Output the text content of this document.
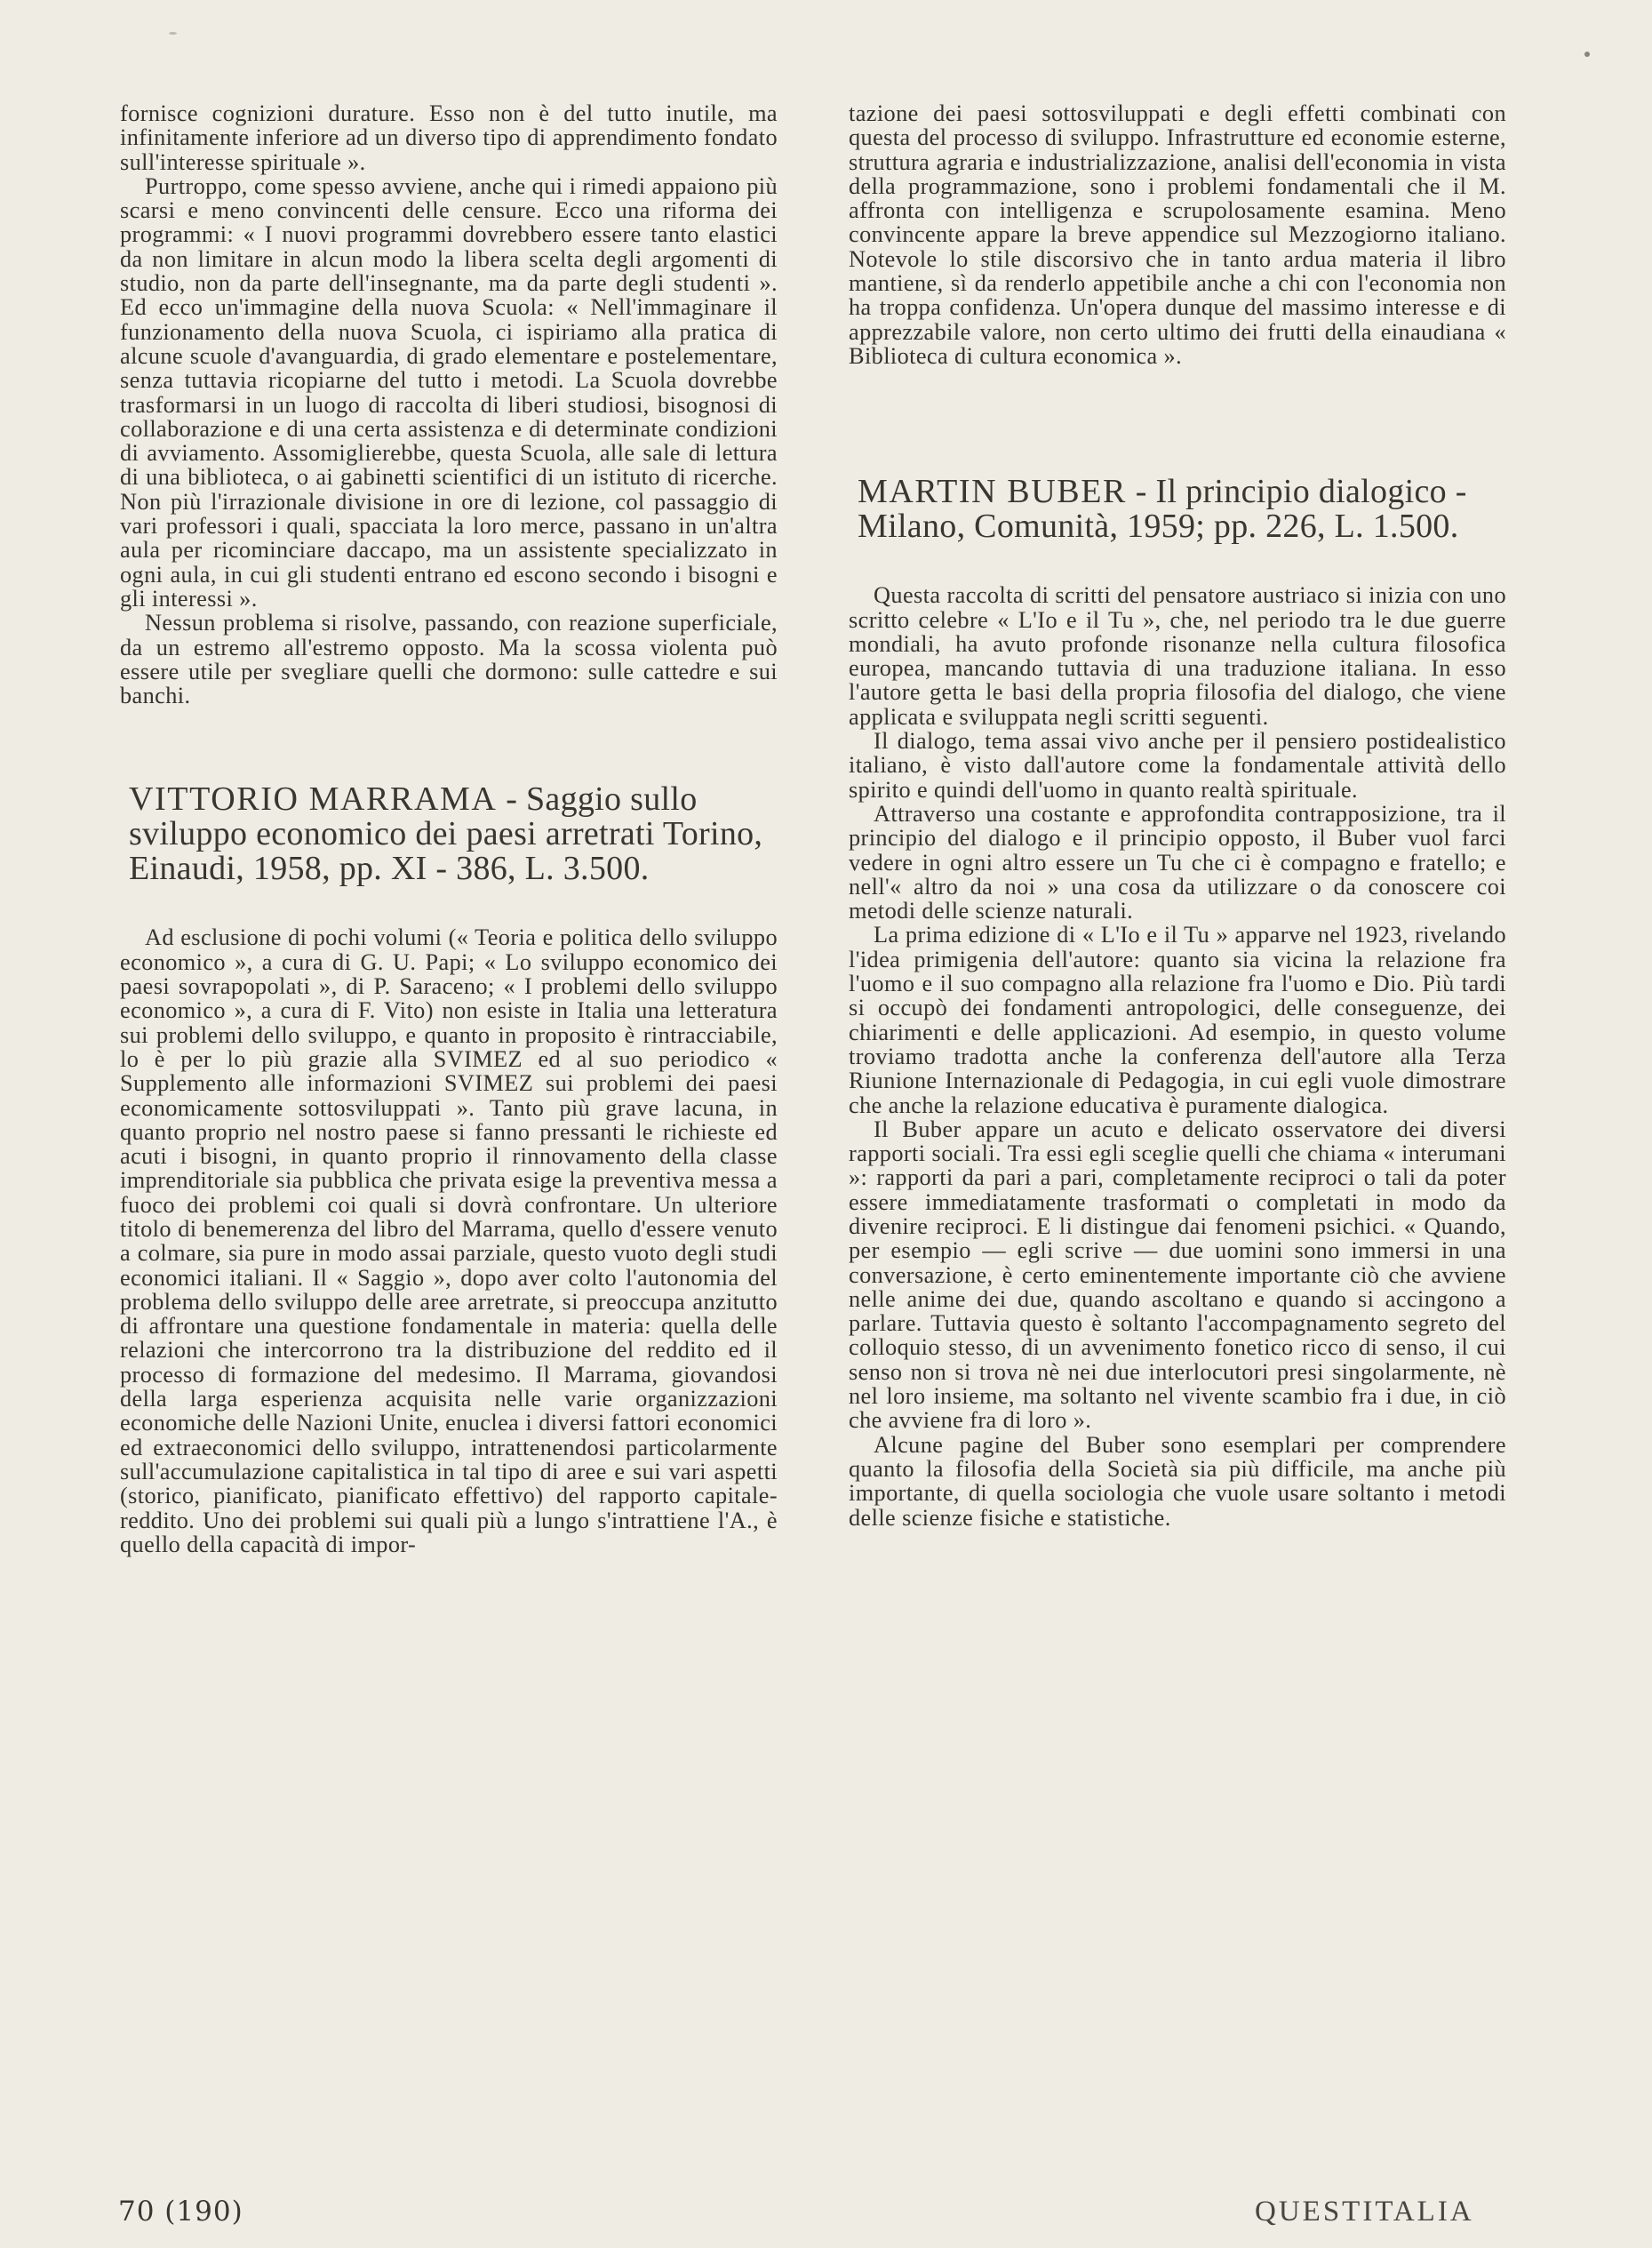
fornisce cognizioni durature. Esso non è del tutto inutile, ma infinitamente inferiore ad un diverso tipo di apprendimento fondato sull'interesse spirituale ».

Purtroppo, come spesso avviene, anche qui i rimedi appaiono più scarsi e meno convincenti delle censure. Ecco una riforma dei programmi: « I nuovi programmi dovrebbero essere tanto elastici da non limitare in alcun modo la libera scelta degli argomenti di studio, non da parte dell'insegnante, ma da parte degli studenti ». Ed ecco un'immagine della nuova Scuola: « Nell'immaginare il funzionamento della nuova Scuola, ci ispiriamo alla pratica di alcune scuole d'avanguardia, di grado elementare e postelementare, senza tuttavia ricopiarne del tutto i metodi. La Scuola dovrebbe trasformarsi in un luogo di raccolta di liberi studiosi, bisognosi di collaborazione e di una certa assistenza e di determinate condizioni di avviamento. Assomiglierebbe, questa Scuola, alle sale di lettura di una biblioteca, o ai gabinetti scientifici di un istituto di ricerche. Non più l'irrazionale divisione in ore di lezione, col passaggio di vari professori i quali, spacciata la loro merce, passano in un'altra aula per ricominciare daccapo, ma un assistente specializzato in ogni aula, in cui gli studenti entrano ed escono secondo i bisogni e gli interessi ».

Nessun problema si risolve, passando, con reazione superficiale, da un estremo all'estremo opposto. Ma la scossa violenta può essere utile per svegliare quelli che dormono: sulle cattedre e sui banchi.

VITTORIO MARRAMA - Saggio sullo sviluppo economico dei paesi arretrati Torino, Einaudi, 1958, pp. XI - 386, L. 3.500.

Ad esclusione di pochi volumi (« Teoria e politica dello sviluppo economico », a cura di G. U. Papi; « Lo sviluppo economico dei paesi sovrapopolati », di P. Saraceno; « I problemi dello sviluppo economico », a cura di F. Vito) non esiste in Italia una letteratura sui problemi dello sviluppo, e quanto in proposito è rintracciabile, lo è per lo più grazie alla SVIMEZ ed al suo periodico « Supplemento alle informazioni SVIMEZ sui problemi dei paesi economicamente sottosviluppati ». Tanto più grave lacuna, in quanto proprio nel nostro paese si fanno pressanti le richieste ed acuti i bisogni, in quanto proprio il rinnovamento della classe imprenditoriale sia pubblica che privata esige la preventiva messa a fuoco dei problemi coi quali si dovrà confrontare. Un ulteriore titolo di benemerenza del libro del Marrama, quello d'essere venuto a colmare, sia pure in modo assai parziale, questo vuoto degli studi economici italiani. Il « Saggio », dopo aver colto l'autonomia del problema dello sviluppo delle aree arretrate, si preoccupa anzitutto di affrontare una questione fondamentale in materia: quella delle relazioni che intercorrono tra la distribuzione del reddito ed il processo di formazione del medesimo. Il Marrama, giovandosi della larga esperienza acquisita nelle varie organizzazioni economiche delle Nazioni Unite, enuclea i diversi fattori economici ed extraeconomici dello sviluppo, intrattenendosi particolarmente sull'accumulazione capitalistica in tal tipo di aree e sui vari aspetti (storico, pianificato, pianificato effettivo) del rapporto capitale-reddito. Uno dei problemi sui quali più a lungo s'intrattiene l'A., è quello della capacità di impor-

tazione dei paesi sottosviluppati e degli effetti combinati con questa del processo di sviluppo. Infrastrutture ed economie esterne, struttura agraria e industrializzazione, analisi dell'economia in vista della programmazione, sono i problemi fondamentali che il M. affronta con intelligenza e scrupolosamente esamina. Meno convincente appare la breve appendice sul Mezzogiorno italiano. Notevole lo stile discorsivo che in tanto ardua materia il libro mantiene, sì da renderlo appetibile anche a chi con l'economia non ha troppa confidenza. Un'opera dunque del massimo interesse e di apprezzabile valore, non certo ultimo dei frutti della einaudiana « Biblioteca di cultura economica ».

MARTIN BUBER - Il principio dialogico - Milano, Comunità, 1959; pp. 226, L. 1.500.

Questa raccolta di scritti del pensatore austriaco si inizia con uno scritto celebre « L'Io e il Tu », che, nel periodo tra le due guerre mondiali, ha avuto profonde risonanze nella cultura filosofica europea, mancando tuttavia di una traduzione italiana. In esso l'autore getta le basi della propria filosofia del dialogo, che viene applicata e sviluppata negli scritti seguenti.

Il dialogo, tema assai vivo anche per il pensiero postidealistico italiano, è visto dall'autore come la fondamentale attività dello spirito e quindi dell'uomo in quanto realtà spirituale.

Attraverso una costante e approfondita contrapposizione, tra il principio del dialogo e il principio opposto, il Buber vuol farci vedere in ogni altro essere un Tu che ci è compagno e fratello; e nell'« altro da noi » una cosa da utilizzare o da conoscere coi metodi delle scienze naturali.

La prima edizione di « L'Io e il Tu » apparve nel 1923, rivelando l'idea primigenia dell'autore: quanto sia vicina la relazione fra l'uomo e il suo compagno alla relazione fra l'uomo e Dio. Più tardi si occupò dei fondamenti antropologici, delle conseguenze, dei chiarimenti e delle applicazioni. Ad esempio, in questo volume troviamo tradotta anche la conferenza dell'autore alla Terza Riunione Internazionale di Pedagogia, in cui egli vuole dimostrare che anche la relazione educativa è puramente dialogica.

Il Buber appare un acuto e delicato osservatore dei diversi rapporti sociali. Tra essi egli sceglie quelli che chiama « interumani »: rapporti da pari a pari, completamente reciproci o tali da poter essere immediatamente trasformati o completati in modo da divenire reciproci. E li distingue dai fenomeni psichici. « Quando, per esempio — egli scrive — due uomini sono immersi in una conversazione, è certo eminentemente importante ciò che avviene nelle anime dei due, quando ascoltano e quando si accingono a parlare. Tuttavia questo è soltanto l'accompagnamento segreto del colloquio stesso, di un avvenimento fonetico ricco di senso, il cui senso non si trova nè nei due interlocutori presi singolarmente, nè nel loro insieme, ma soltanto nel vivente scambio fra i due, in ciò che avviene fra di loro ».

Alcune pagine del Buber sono esemplari per comprendere quanto la filosofia della Società sia più difficile, ma anche più importante, di quella sociologia che vuole usare soltanto i metodi delle scienze fisiche e statistiche.

70 (190)	QUESTITALIA
